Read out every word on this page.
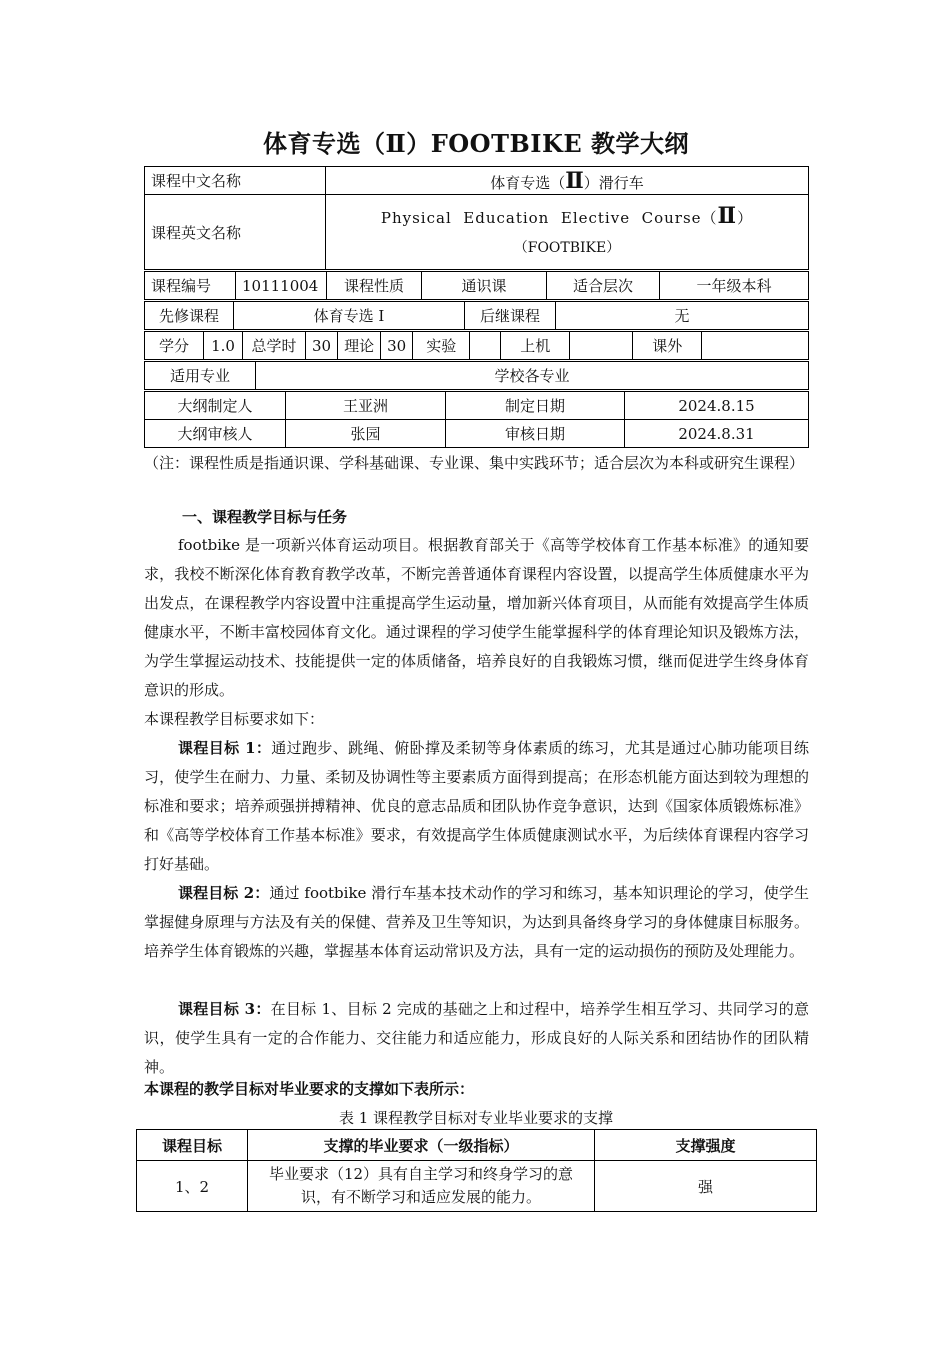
体育专选（Ⅱ）FOOTBIKE 教学大纲
课程中文名称	体育专选（Ⅱ）滑行车
课程英文名称	Physical  Education  Elective  Course（Ⅱ）
（FOOTBIKE）
课程编号	10111004	课程性质	通识课	适合层次	一年级本科
先修课程	体育专选 I	后继课程	无
学分	1.0	总学时	30	理论	30	实验		上机		课外	
适用专业	学校各专业
大纲制定人	王亚洲	制定日期	2024.8.15
大纲审核人	张园	审核日期	2024.8.31
（注：课程性质是指通识课、学科基础课、专业课、集中实践环节；适合层次为本科或研究生课程）
一、课程教学目标与任务
footbike 是一项新兴体育运动项目。根据教育部关于《高等学校体育工作基本标准》的通知要求，我校不断深化体育教育教学改革，不断完善普通体育课程内容设置，以提高学生体质健康水平为出发点，在课程教学内容设置中注重提高学生运动量，增加新兴体育项目，从而能有效提高学生体质健康水平，不断丰富校园体育文化。通过课程的学习使学生能掌握科学的体育理论知识及锻炼方法，为学生掌握运动技术、技能提供一定的体质储备，培养良好的自我锻炼习惯，继而促进学生终身体育意识的形成。
本课程教学目标要求如下：
课程目标 1：通过跑步、跳绳、俯卧撑及柔韧等身体素质的练习，尤其是通过心肺功能项目练习，使学生在耐力、力量、柔韧及协调性等主要素质方面得到提高；在形态机能方面达到较为理想的标准和要求；培养顽强拼搏精神、优良的意志品质和团队协作竞争意识，达到《国家体质锻炼标准》和《高等学校体育工作基本标准》要求，有效提高学生体质健康测试水平，为后续体育课程内容学习打好基础。
课程目标 2：通过 footbike 滑行车基本技术动作的学习和练习，基本知识理论的学习，使学生掌握健身原理与方法及有关的保健、营养及卫生等知识，为达到具备终身学习的身体健康目标服务。培养学生体育锻炼的兴趣，掌握基本体育运动常识及方法，具有一定的运动损伤的预防及处理能力。
课程目标 3：在目标 1、目标 2 完成的基础之上和过程中，培养学生相互学习、共同学习的意识，使学生具有一定的合作能力、交往能力和适应能力，形成良好的人际关系和团结协作的团队精神。
本课程的教学目标对毕业要求的支撑如下表所示：
表 1 课程教学目标对专业毕业要求的支撑
课程目标	支撑的毕业要求（一级指标）	支撑强度
1、2	毕业要求（12）具有自主学习和终身学习的意识，有不断学习和适应发展的能力。	强
